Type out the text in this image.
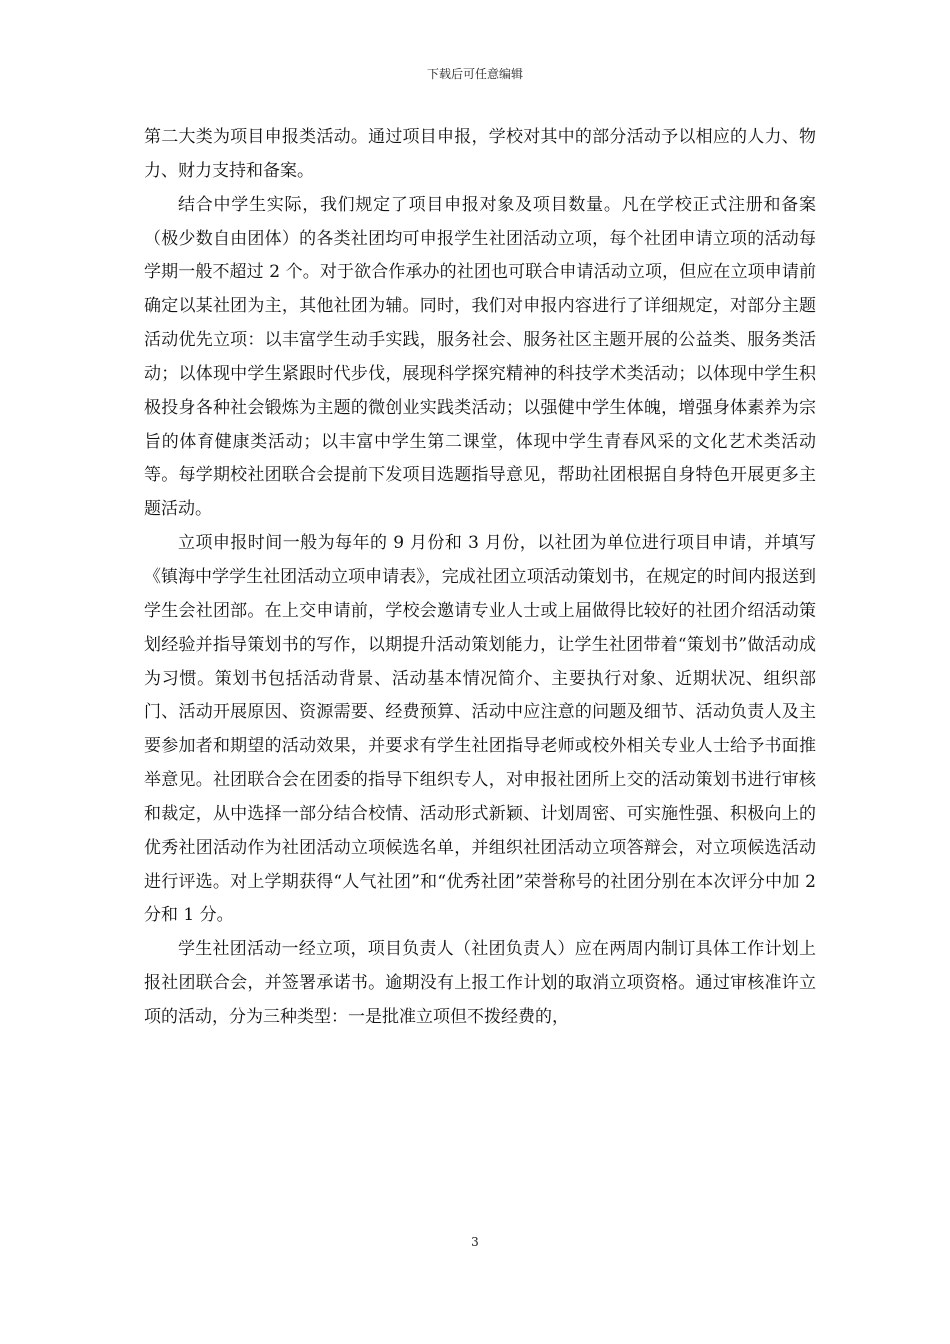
下载后可任意编辑

第二大类为项目申报类活动。通过项目申报，学校对其中的部分活动予以相应的人力、物力、财力支持和备案。

结合中学生实际，我们规定了项目申报对象及项目数量。凡在学校正式注册和备案（极少数自由团体）的各类社团均可申报学生社团活动立项，每个社团申请立项的活动每学期一般不超过 2 个。对于欲合作承办的社团也可联合申请活动立项，但应在立项申请前确定以某社团为主，其他社团为辅。同时，我们对申报内容进行了详细规定，对部分主题活动优先立项：以丰富学生动手实践，服务社会、服务社区主题开展的公益类、服务类活动；以体现中学生紧跟时代步伐，展现科学探究精神的科技学术类活动；以体现中学生积极投身各种社会锻炼为主题的微创业实践类活动；以强健中学生体魄，增强身体素养为宗旨的体育健康类活动；以丰富中学生第二课堂，体现中学生青春风采的文化艺术类活动等。每学期校社团联合会提前下发项目选题指导意见，帮助社团根据自身特色开展更多主题活动。

立项申报时间一般为每年的 9 月份和 3 月份，以社团为单位进行项目申请，并填写《镇海中学学生社团活动立项申请表》，完成社团立项活动策划书，在规定的时间内报送到学生会社团部。在上交申请前，学校会邀请专业人士或上届做得比较好的社团介绍活动策划经验并指导策划书的写作，以期提升活动策划能力，让学生社团带着“策划书”做活动成为习惯。策划书包括活动背景、活动基本情况简介、主要执行对象、近期状况、组织部门、活动开展原因、资源需要、经费预算、活动中应注意的问题及细节、活动负责人及主要参加者和期望的活动效果，并要求有学生社团指导老师或校外相关专业人士给予书面推举意见。社团联合会在团委的指导下组织专人，对申报社团所上交的活动策划书进行审核和裁定，从中选择一部分结合校情、活动形式新颖、计划周密、可实施性强、积极向上的优秀社团活动作为社团活动立项候选名单，并组织社团活动立项答辩会，对立项候选活动进行评选。对上学期获得“人气社团”和“优秀社团”荣誉称号的社团分别在本次评分中加 2 分和 1 分。

学生社团活动一经立项，项目负责人（社团负责人）应在两周内制订具体工作计划上报社团联合会，并签署承诺书。逾期没有上报工作计划的取消立项资格。通过审核准许立项的活动，分为三种类型：一是批准立项但不拨经费的，

3
